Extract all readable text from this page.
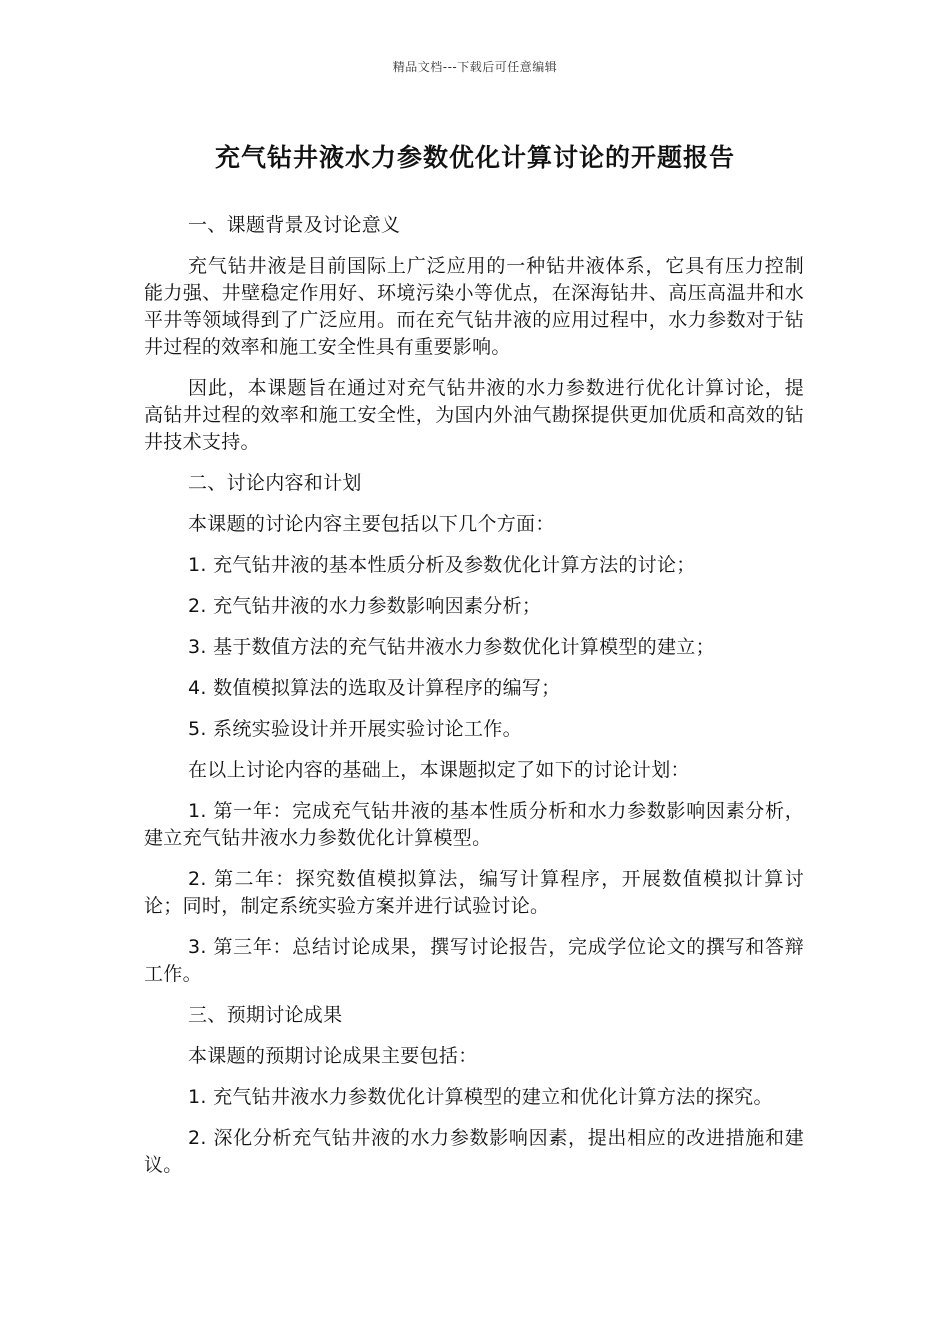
精品文档---下载后可任意编辑
充气钻井液水力参数优化计算讨论的开题报告

一、课题背景及讨论意义

充气钻井液是目前国际上广泛应用的一种钻井液体系，它具有压力控制能力强、井壁稳定作用好、环境污染小等优点，在深海钻井、高压高温井和水平井等领域得到了广泛应用。而在充气钻井液的应用过程中，水力参数对于钻井过程的效率和施工安全性具有重要影响。

因此，本课题旨在通过对充气钻井液的水力参数进行优化计算讨论，提高钻井过程的效率和施工安全性，为国内外油气勘探提供更加优质和高效的钻井技术支持。

二、讨论内容和计划

本课题的讨论内容主要包括以下几个方面：

1. 充气钻井液的基本性质分析及参数优化计算方法的讨论；

2. 充气钻井液的水力参数影响因素分析；

3. 基于数值方法的充气钻井液水力参数优化计算模型的建立；

4. 数值模拟算法的选取及计算程序的编写；

5. 系统实验设计并开展实验讨论工作。

在以上讨论内容的基础上，本课题拟定了如下的讨论计划：

1. 第一年：完成充气钻井液的基本性质分析和水力参数影响因素分析，建立充气钻井液水力参数优化计算模型。

2. 第二年：探究数值模拟算法，编写计算程序，开展数值模拟计算讨论；同时，制定系统实验方案并进行试验讨论。

3. 第三年：总结讨论成果，撰写讨论报告，完成学位论文的撰写和答辩工作。

三、预期讨论成果

本课题的预期讨论成果主要包括：

1. 充气钻井液水力参数优化计算模型的建立和优化计算方法的探究。

2. 深化分析充气钻井液的水力参数影响因素，提出相应的改进措施和建议。
